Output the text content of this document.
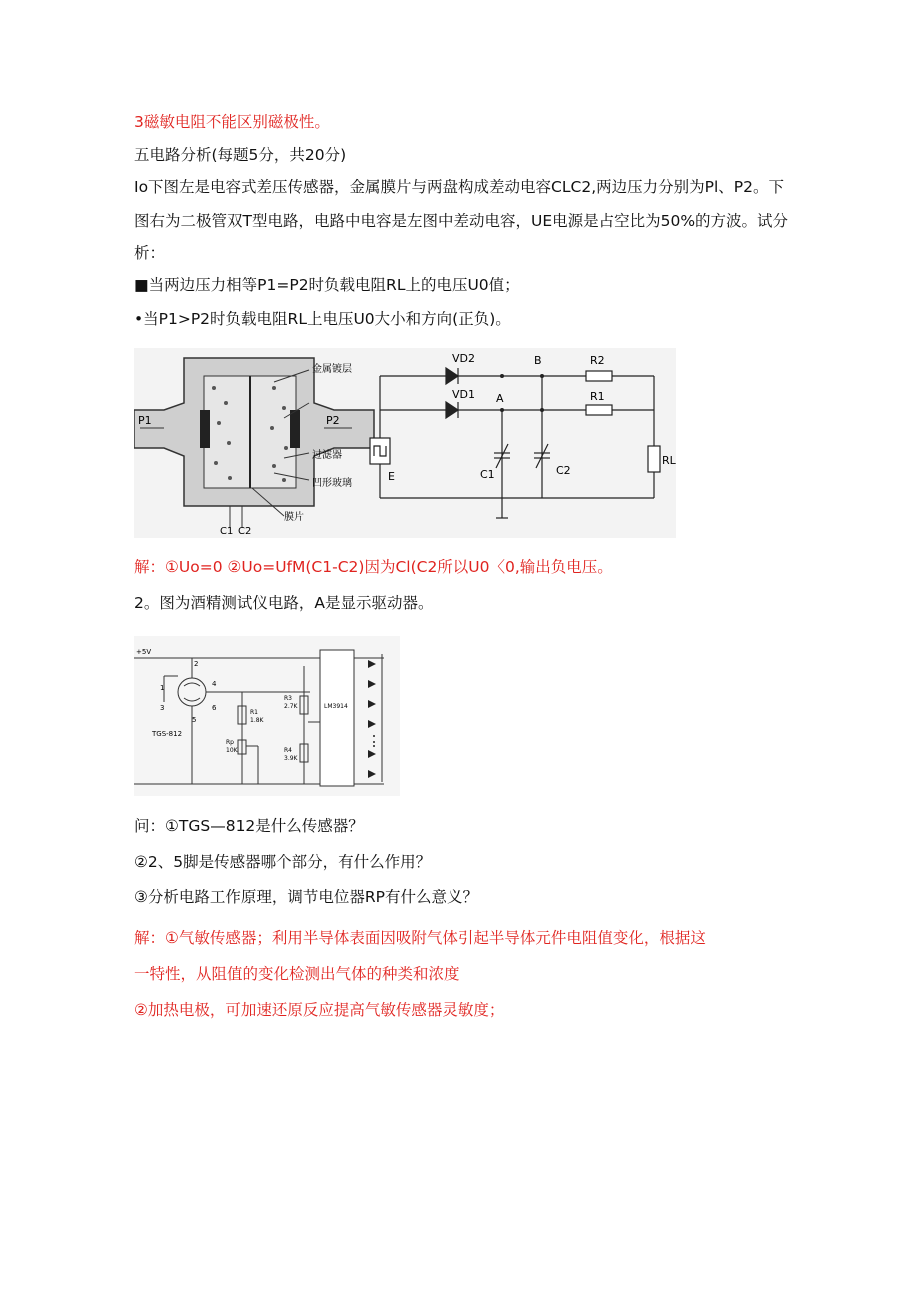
3磁敏电阻不能区别磁极性。
五电路分析(每题5分，共20分)
Io下图左是电容式差压传感器，金属膜片与两盘构成差动电容CLC2,两边压力分别为Pl、P2。下
图右为二极管双T型电路，电路中电容是左图中差动电容，UE电源是占空比为50%的方波。试分
析：
■当两边压力相等P1=P2时负载电阻RL上的电压U0值；
•当P1>P2时负载电阻RL上电压U0大小和方向(正负)。
P1	P2
金属镀层
过滤器
凹形玻璃
膜片
C1 C2
VD2
VD1 A
B	R2
R1
RL
E	C1	C2
解：①Uo=0 ②Uo=UfM(C1-C2)因为Cl(C2所以U0〈0,输出负电压。
2。图为酒精测试仪电路，A是显示驱动器。
+5V
2
4
1
3	6
5
TGS-812
R1
1.8K
Rp
10K
R3
2.7K
R4
3.9K
LM3914
问：①TGS—812是什么传感器？
②2、5脚是传感器哪个部分，有什么作用？
③分析电路工作原理，调节电位器RP有什么意义？
解：①气敏传感器；利用半导体表面因吸附气体引起半导体元件电阻值变化，根据这
一特性，从阻值的变化检测出气体的种类和浓度
②加热电极，可加速还原反应提高气敏传感器灵敏度；
